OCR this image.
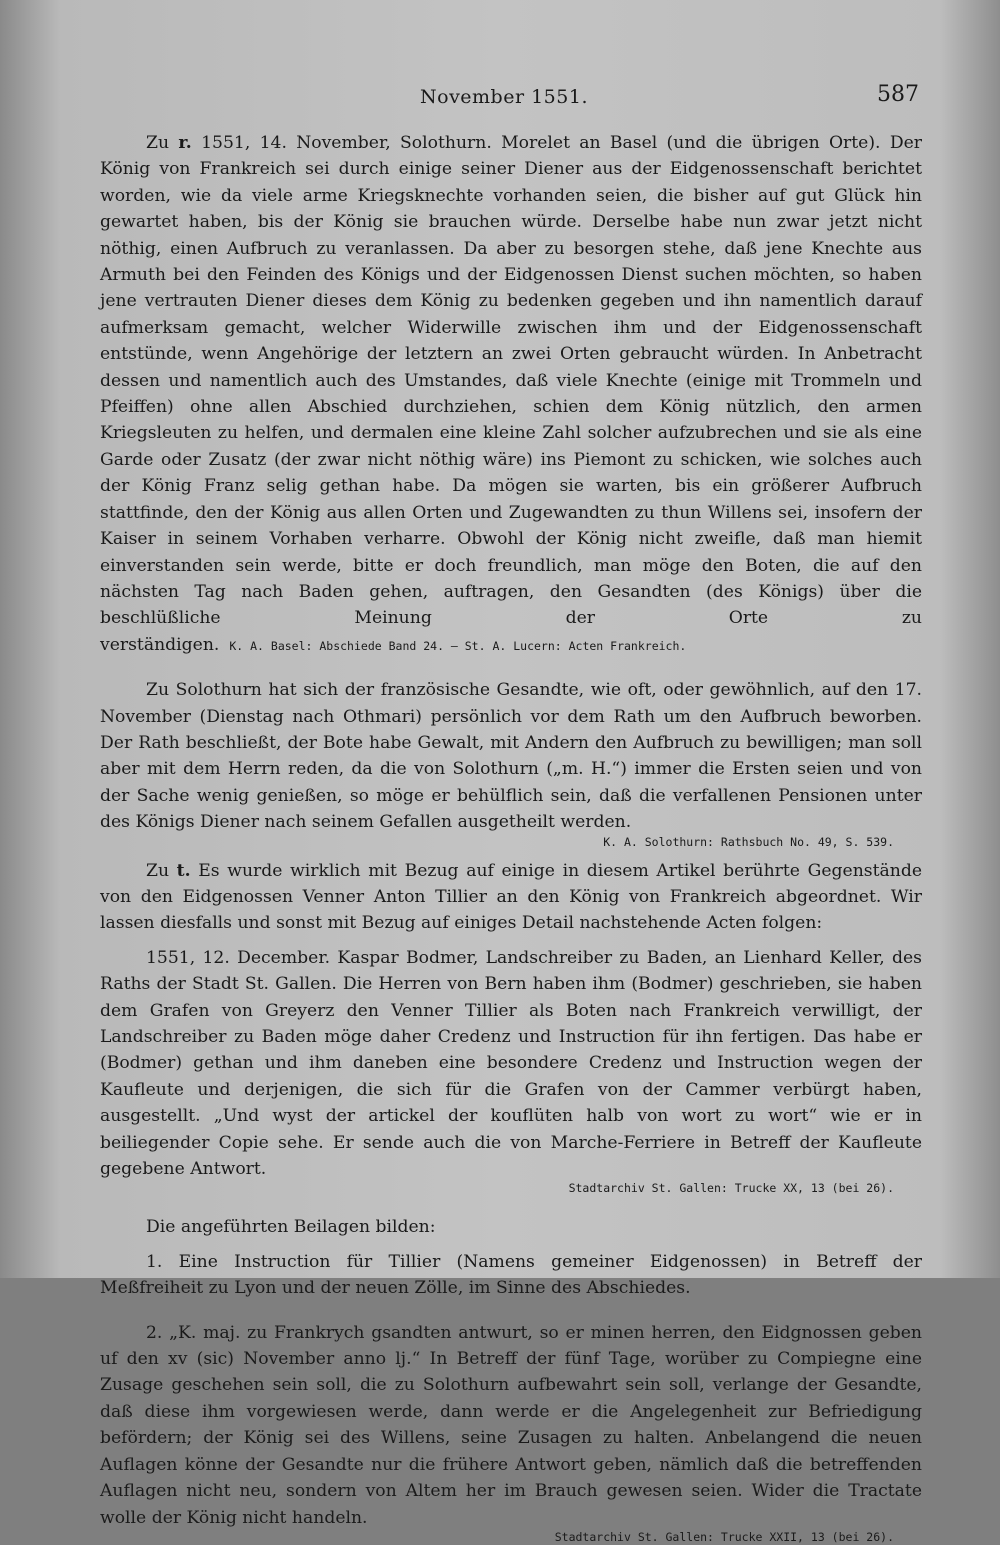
November 1551.	587

Zu r. 1551, 14. November, Solothurn. Morelet an Basel (und die übrigen Orte). Der König von Frankreich sei durch einige seiner Diener aus der Eidgenossenschaft berichtet worden, wie da viele arme Kriegsknechte vorhanden seien, die bisher auf gut Glück hin gewartet haben, bis der König sie brauchen würde. Derselbe habe nun zwar jetzt nicht nöthig, einen Aufbruch zu veranlassen. Da aber zu besorgen stehe, daß jene Knechte aus Armuth bei den Feinden des Königs und der Eidgenossen Dienst suchen möchten, so haben jene vertrauten Diener dieses dem König zu bedenken gegeben und ihn namentlich darauf aufmerksam gemacht, welcher Widerwille zwischen ihm und der Eidgenossenschaft entstünde, wenn Angehörige der letztern an zwei Orten gebraucht würden. In Anbetracht dessen und namentlich auch des Umstandes, daß viele Knechte (einige mit Trommeln und Pfeiffen) ohne allen Abschied durchziehen, schien dem König nützlich, den armen Kriegsleuten zu helfen, und dermalen eine kleine Zahl solcher aufzubrechen und sie als eine Garde oder Zusatz (der zwar nicht nöthig wäre) ins Piemont zu schicken, wie solches auch der König Franz selig gethan habe. Da mögen sie warten, bis ein größerer Aufbruch stattfinde, den der König aus allen Orten und Zugewandten zu thun Willens sei, insofern der Kaiser in seinem Vorhaben verharre. Obwohl der König nicht zweifle, daß man hiemit einverstanden sein werde, bitte er doch freundlich, man möge den Boten, die auf den nächsten Tag nach Baden gehen, auftragen, den Gesandten (des Königs) über die beschlüßliche Meinung der Orte zu verständigen. K. A. Basel: Abschiede Band 24. — St. A. Lucern: Acten Frankreich.

Zu Solothurn hat sich der französische Gesandte, wie oft, oder gewöhnlich, auf den 17. November (Dienstag nach Othmari) persönlich vor dem Rath um den Aufbruch beworben. Der Rath beschließt, der Bote habe Gewalt, mit Andern den Aufbruch zu bewilligen; man soll aber mit dem Herrn reden, da die von Solothurn („m. H.“) immer die Ersten seien und von der Sache wenig genießen, so möge er behülflich sein, daß die verfallenen Pensionen unter des Königs Diener nach seinem Gefallen ausgetheilt werden.

K. A. Solothurn: Rathsbuch No. 49, S. 539.

Zu t. Es wurde wirklich mit Bezug auf einige in diesem Artikel berührte Gegenstände von den Eidgenossen Venner Anton Tillier an den König von Frankreich abgeordnet. Wir lassen diesfalls und sonst mit Bezug auf einiges Detail nachstehende Acten folgen:

1551, 12. December. Kaspar Bodmer, Landschreiber zu Baden, an Lienhard Keller, des Raths der Stadt St. Gallen. Die Herren von Bern haben ihm (Bodmer) geschrieben, sie haben dem Grafen von Greyerz den Venner Tillier als Boten nach Frankreich verwilligt, der Landschreiber zu Baden möge daher Credenz und Instruction für ihn fertigen. Das habe er (Bodmer) gethan und ihm daneben eine besondere Credenz und Instruction wegen der Kaufleute und derjenigen, die sich für die Grafen von der Cammer verbürgt haben, ausgestellt. „Und wyst der artickel der kouflüten halb von wort zu wort“ wie er in beiliegender Copie sehe. Er sende auch die von Marche-Ferriere in Betreff der Kaufleute gegebene Antwort.

Stadtarchiv St. Gallen: Trucke XX, 13 (bei 26).

Die angeführten Beilagen bilden:

1. Eine Instruction für Tillier (Namens gemeiner Eidgenossen) in Betreff der Meßfreiheit zu Lyon und der neuen Zölle, im Sinne des Abschiedes.

2. „K. maj. zu Frankrych gsandten antwurt, so er minen herren, den Eidgnossen geben uf den xv (sic) November anno lj.“ In Betreff der fünf Tage, worüber zu Compiegne eine Zusage geschehen sein soll, die zu Solothurn aufbewahrt sein soll, verlange der Gesandte, daß diese ihm vorgewiesen werde, dann werde er die Angelegenheit zur Befriedigung befördern; der König sei des Willens, seine Zusagen zu halten. Anbelangend die neuen Auflagen könne der Gesandte nur die frühere Antwort geben, nämlich daß die betreffenden Auflagen nicht neu, sondern von Altem her im Brauch gewesen seien. Wider die Tractate wolle der König nicht handeln.

Stadtarchiv St. Gallen: Trucke XXII, 13 (bei 26).
